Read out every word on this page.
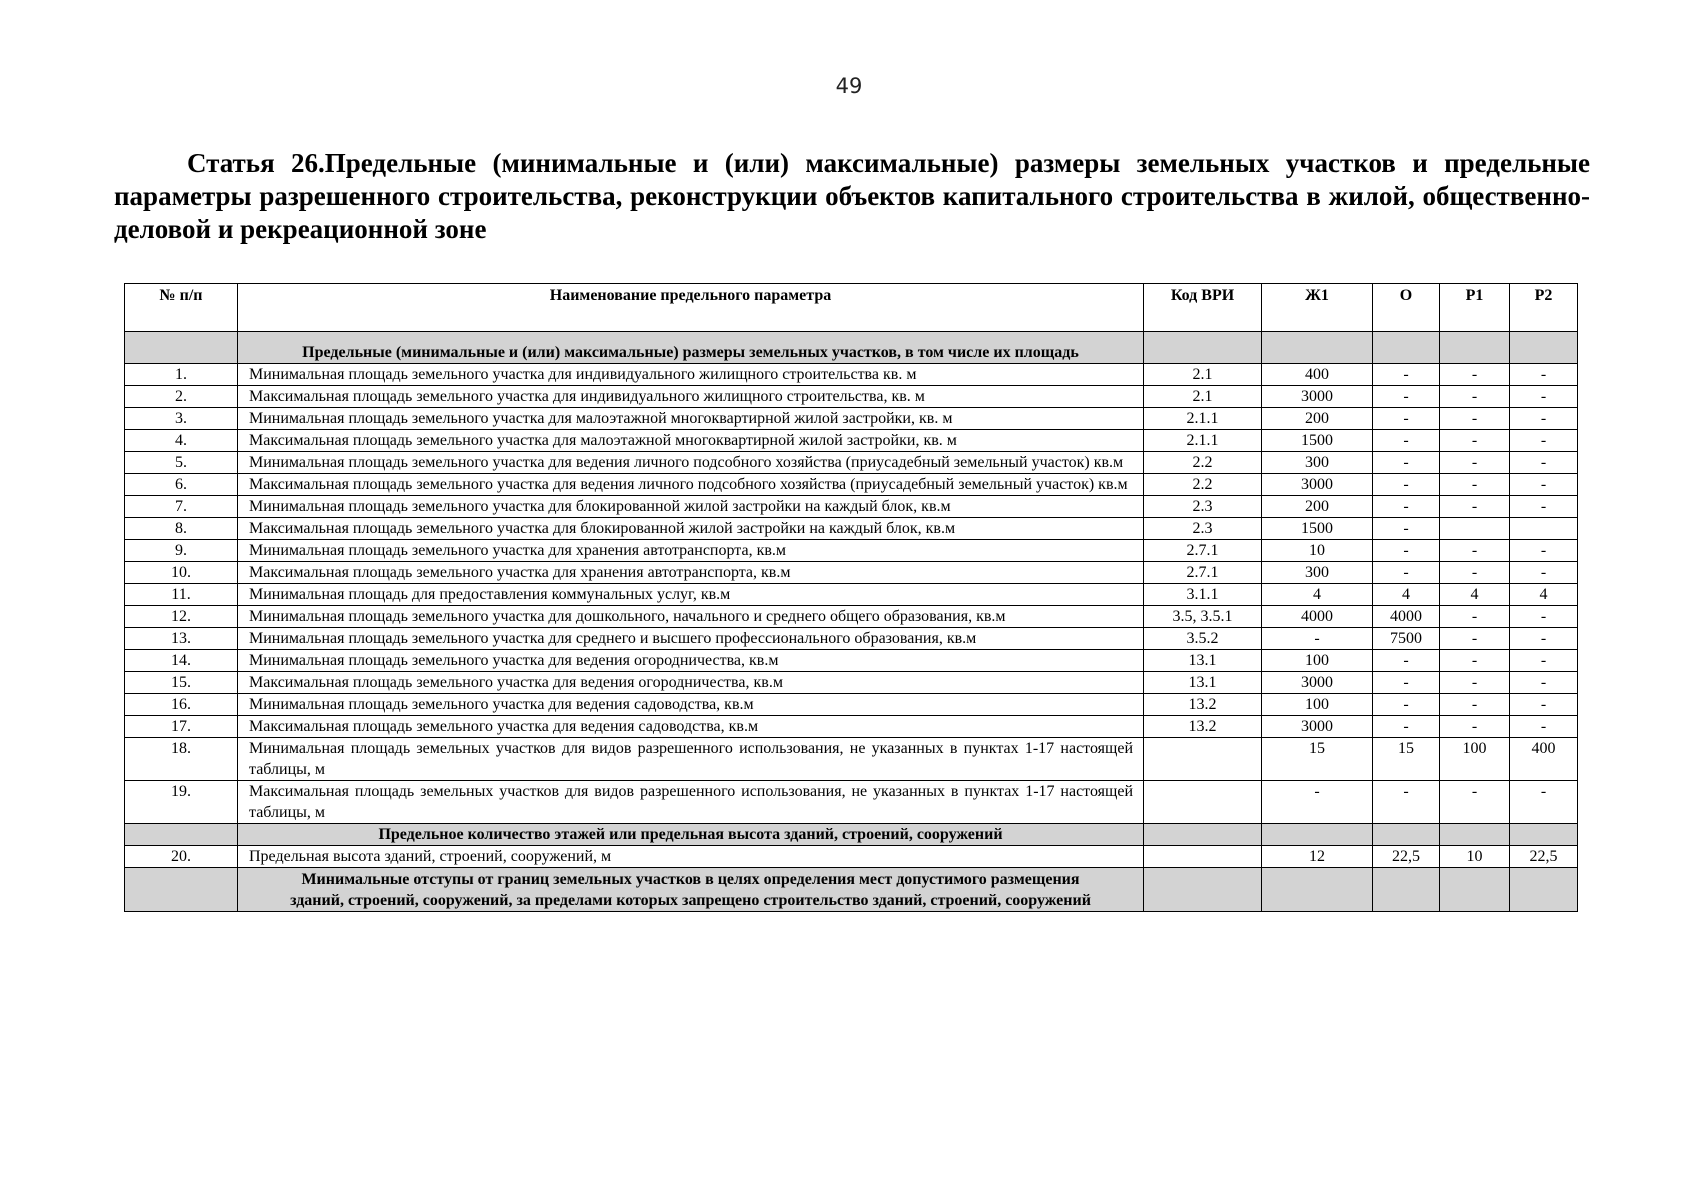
49

Статья 26.Предельные (минимальные и (или) максимальные) размеры земельных участков и предельные параметры разрешенного строительства, реконструкции объектов капитального строительства в жилой, общественно-деловой и рекреационной зоне

№ п/п	Наименование предельного параметра	Код ВРИ	Ж1	О	Р1	Р2
	Предельные (минимальные и (или) максимальные) размеры земельных участков, в том числе их площадь					
1.	Минимальная площадь земельного участка для индивидуального жилищного строительства кв. м	2.1	400	-	-	-
2.	Максимальная площадь земельного участка для индивидуального жилищного строительства, кв. м	2.1	3000	-	-	-
3.	Минимальная площадь земельного участка для малоэтажной многоквартирной жилой застройки, кв. м	2.1.1	200	-	-	-
4.	Максимальная площадь земельного участка для малоэтажной многоквартирной жилой застройки, кв. м	2.1.1	1500	-	-	-
5.	Минимальная площадь земельного участка для ведения личного подсобного хозяйства (приусадебный земельный участок) кв.м	2.2	300	-	-	-
6.	Максимальная площадь земельного участка для ведения личного подсобного хозяйства (приусадебный земельный участок) кв.м	2.2	3000	-	-	-
7.	Минимальная площадь земельного участка для блокированной жилой застройки на каждый блок, кв.м	2.3	200	-	-	-
8.	Максимальная площадь земельного участка для блокированной жилой застройки на каждый блок, кв.м	2.3	1500	-		
9.	Минимальная площадь земельного участка для хранения автотранспорта, кв.м	2.7.1	10	-	-	-
10.	Максимальная площадь земельного участка для хранения автотранспорта, кв.м	2.7.1	300	-	-	-
11.	Минимальная площадь для предоставления коммунальных услуг, кв.м	3.1.1	4	4	4	4
12.	Минимальная площадь земельного участка для дошкольного, начального и среднего общего образования, кв.м	3.5, 3.5.1	4000	4000	-	-
13.	Минимальная площадь земельного участка для среднего и высшего профессионального образования, кв.м	3.5.2	-	7500	-	-
14.	Минимальная площадь земельного участка для ведения огородничества, кв.м	13.1	100	-	-	-
15.	Максимальная площадь земельного участка для ведения огородничества, кв.м	13.1	3000	-	-	-
16.	Минимальная площадь земельного участка для ведения садоводства, кв.м	13.2	100	-	-	-
17.	Максимальная площадь земельного участка для ведения садоводства, кв.м	13.2	3000	-	-	-
18.	Минимальная площадь земельных участков для видов разрешенного использования, не указанных в пунктах 1-17 настоящей таблицы, м		15	15	100	400
19.	Максимальная площадь земельных участков для видов разрешенного использования, не указанных в пунктах 1-17 настоящей таблицы, м		-	-	-	-
	Предельное количество этажей или предельная высота зданий, строений, сооружений					
20.	Предельная высота зданий, строений, сооружений, м		12	22,5	10	22,5
	Минимальные отступы от границ земельных участков в целях определения мест допустимого размещения зданий, строений, сооружений, за пределами которых запрещено строительство зданий, строений, сооружений					
